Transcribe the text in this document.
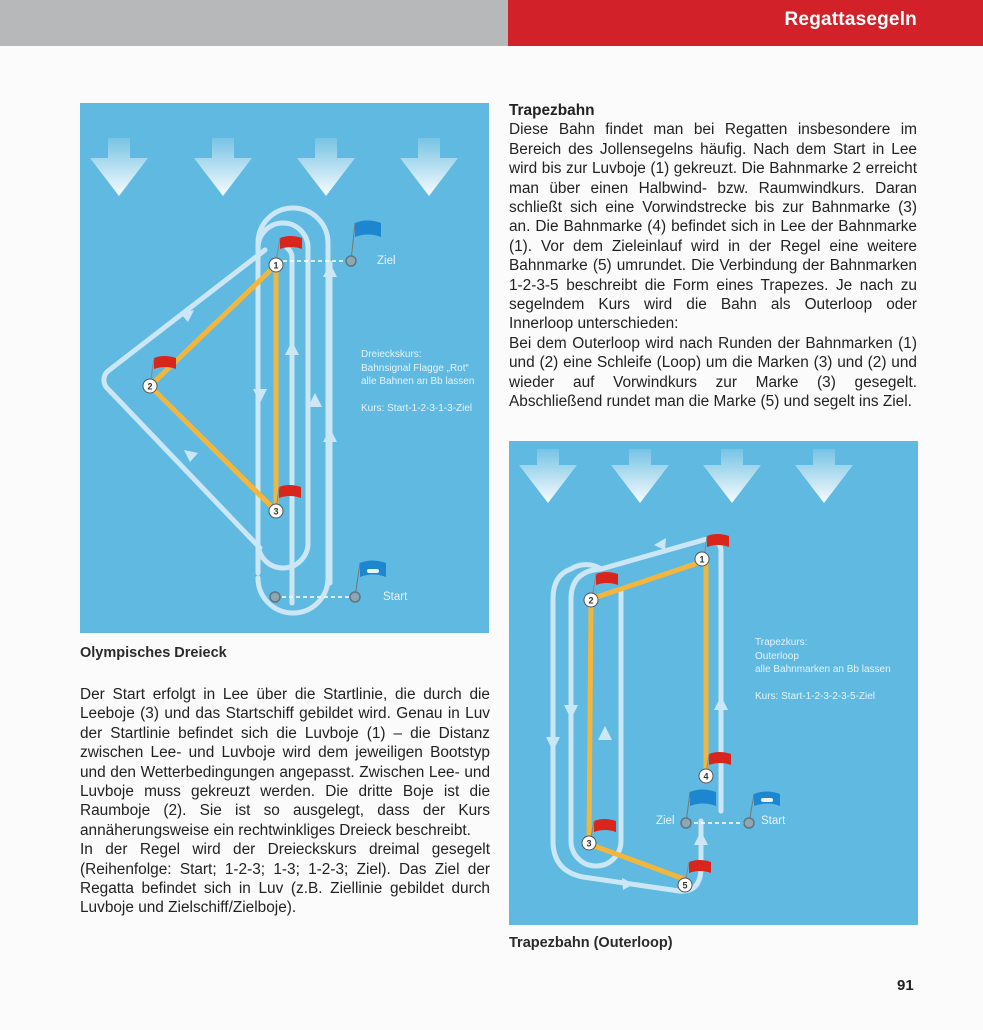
Regattasegeln
1
2
3
Ziel
Start
Dreieckskurs:
Bahnsignal Flagge „Rot“
alle Bahnen an Bb lassen
Kurs: Start-1-2-3-1-3-Ziel
Olympisches Dreieck

Der Start erfolgt in Lee über die Startlinie, die durch die Leeboje (3) und das Startschiff gebildet wird. Genau in Luv der Startlinie befindet sich die Luvboje (1) – die Distanz zwischen Lee- und Luvboje wird dem jeweiligen Bootstyp und den Wetterbedingungen angepasst. Zwischen Lee- und Luvboje muss gekreuzt werden. Die dritte Boje ist die Raumboje (2). Sie ist so ausgelegt, dass der Kurs annäherungsweise ein rechtwinkliges Dreieck beschreibt.

In der Regel wird der Dreieckskurs dreimal gesegelt (Reihenfolge: Start; 1-2-3; 1-3; 1-2-3; Ziel). Das Ziel der Regatta befindet sich in Luv (z.B. Ziellinie gebildet durch Luvboje und Zielschiff/Zielboje).

Trapezbahn

Diese Bahn findet man bei Regatten insbesondere im Bereich des Jollensegelns häufig. Nach dem Start in Lee wird bis zur Luvboje (1) gekreuzt. Die Bahnmarke 2 erreicht man über einen Halbwind- bzw. Raumwindkurs. Daran schließt sich eine Vorwindstrecke bis zur Bahnmarke (3) an. Die Bahnmarke (4) befindet sich in Lee der Bahnmarke (1). Vor dem Zieleinlauf wird in der Regel eine weitere Bahnmarke (5) umrundet. Die Verbindung der Bahnmarken 1-2-3-5 beschreibt die Form eines Trapezes. Je nach zu segelndem Kurs wird die Bahn als Outerloop oder Innerloop unterschieden:

Bei dem Outerloop wird nach Runden der Bahnmarken (1) und (2) eine Schleife (Loop) um die Marken (3) und (2) und wieder auf Vorwindkurs zur Marke (3) gesegelt. Abschließend rundet man die Marke (5) und segelt ins Ziel.

1
2
3
4
5
Ziel	Start
Trapezkurs:
Outerloop
alle Bahnmarken an Bb lassen
Kurs: Start-1-2-3-2-3-5-Ziel
Trapezbahn (Outerloop)
91
